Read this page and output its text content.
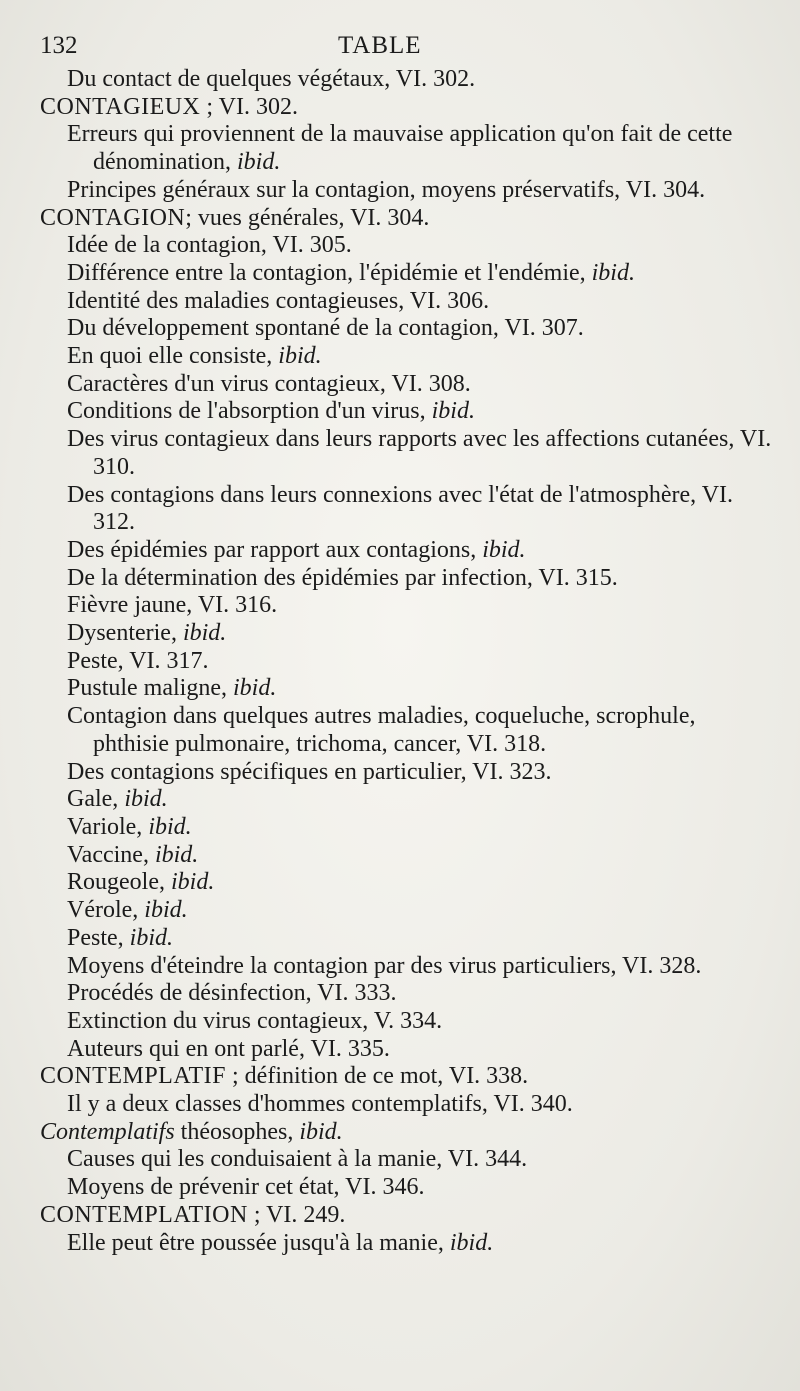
132	TABLE
Du contact de quelques végétaux, VI. 302.
CONTAGIEUX ; VI. 302.
Erreurs qui proviennent de la mauvaise application qu'on fait de cette dénomination, ibid.
Principes généraux sur la contagion, moyens préservatifs, VI. 304.
CONTAGION; vues générales, VI. 304.
Idée de la contagion, VI. 305.
Différence entre la contagion, l'épidémie et l'endémie, ibid.
Identité des maladies contagieuses, VI. 306.
Du développement spontané de la contagion, VI. 307.
En quoi elle consiste, ibid.
Caractères d'un virus contagieux, VI. 308.
Conditions de l'absorption d'un virus, ibid.
Des virus contagieux dans leurs rapports avec les affections cutanées, VI. 310.
Des contagions dans leurs connexions avec l'état de l'atmosphère, VI. 312.
Des épidémies par rapport aux contagions, ibid.
De la détermination des épidémies par infection, VI. 315.
Fièvre jaune, VI. 316.
Dysenterie, ibid.
Peste, VI. 317.
Pustule maligne, ibid.
Contagion dans quelques autres maladies, coqueluche, scrophule, phthisie pulmonaire, trichoma, cancer, VI. 318.
Des contagions spécifiques en particulier, VI. 323.
Gale, ibid.
Variole, ibid.
Vaccine, ibid.
Rougeole, ibid.
Vérole, ibid.
Peste, ibid.
Moyens d'éteindre la contagion par des virus particuliers, VI. 328.
Procédés de désinfection, VI. 333.
Extinction du virus contagieux, V. 334.
Auteurs qui en ont parlé, VI. 335.
CONTEMPLATIF ; définition de ce mot, VI. 338.
Il y a deux classes d'hommes contemplatifs, VI. 340.
Contemplatifs théosophes, ibid.
Causes qui les conduisaient à la manie, VI. 344.
Moyens de prévenir cet état, VI. 346.
CONTEMPLATION ; VI. 249.
Elle peut être poussée jusqu'à la manie, ibid.
